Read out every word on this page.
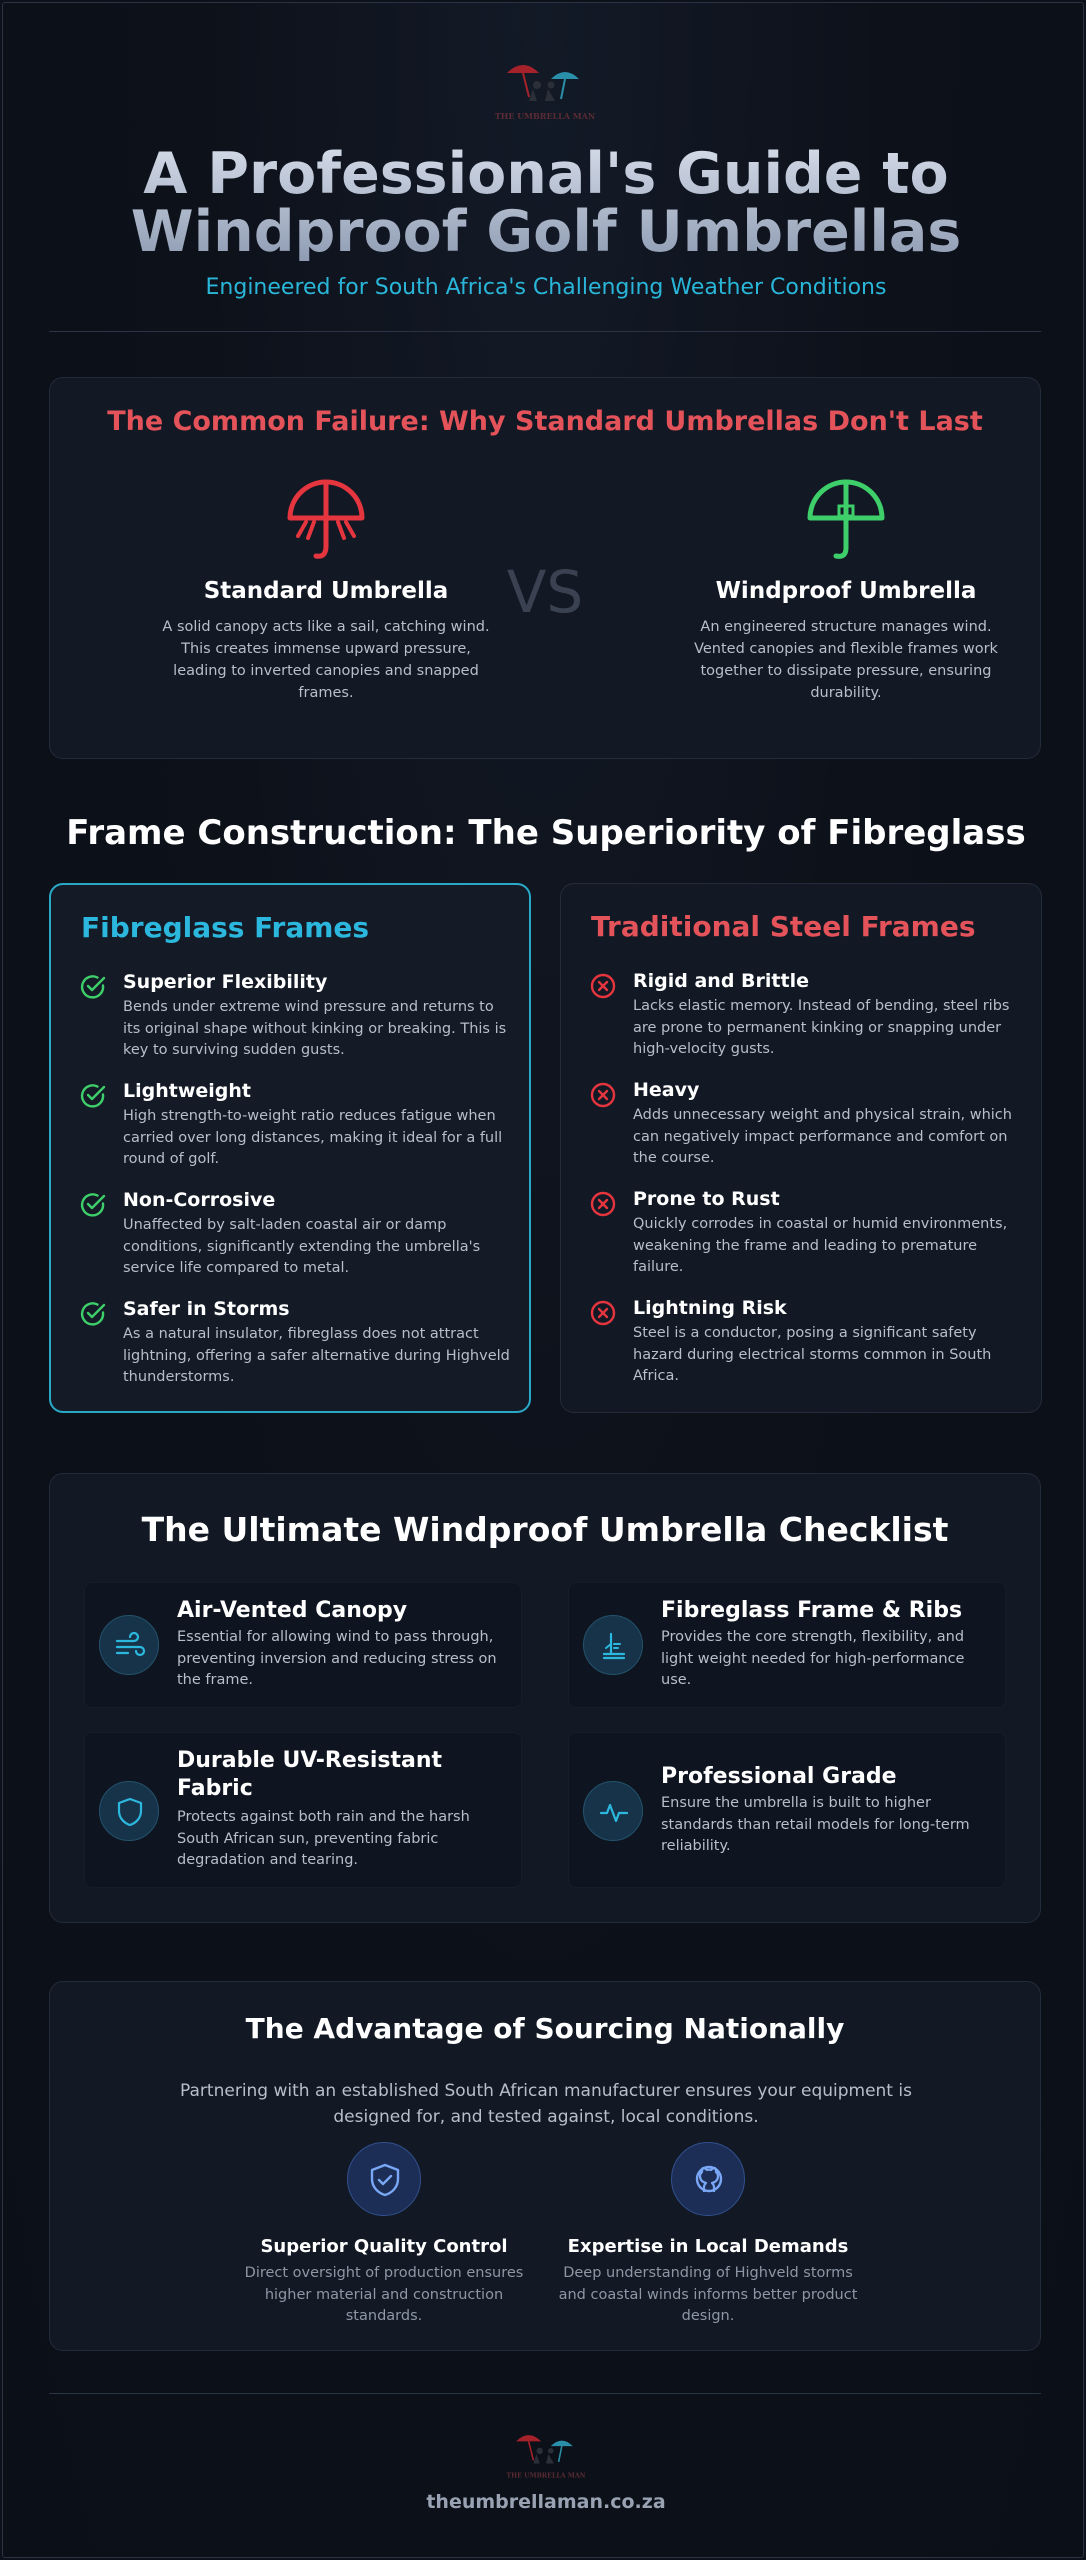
THE UMBRELLA MAN
A Professional's Guide to
Windproof Golf Umbrellas
Engineered for South Africa's Challenging Weather Conditions
The Common Failure: Why Standard Umbrellas Don't Last
Standard Umbrella

A solid canopy acts like a sail, catching wind. This creates immense upward pressure, leading to inverted canopies and snapped frames.

VS	Windproof Umbrella

An engineered structure manages wind. Vented canopies and flexible frames work together to dissipate pressure, ensuring durability.

Frame Construction: The Superiority of Fibreglass
Fibreglass Frames
Superior Flexibility
Bends under extreme wind pressure and returns to its original shape without kinking or breaking. This is key to surviving sudden gusts.
Lightweight
High strength-to-weight ratio reduces fatigue when carried over long distances, making it ideal for a full round of golf.
Non-Corrosive
Unaffected by salt-laden coastal air or damp conditions, significantly extending the umbrella's service life compared to metal.
Safer in Storms
As a natural insulator, fibreglass does not attract lightning, offering a safer alternative during Highveld thunderstorms.
Traditional Steel Frames
Rigid and Brittle
Lacks elastic memory. Instead of bending, steel ribs are prone to permanent kinking or snapping under high-velocity gusts.
Heavy
Adds unnecessary weight and physical strain, which can negatively impact performance and comfort on the course.
Prone to Rust
Quickly corrodes in coastal or humid environments, weakening the frame and leading to premature failure.
Lightning Risk
Steel is a conductor, posing a significant safety hazard during electrical storms common in South Africa.
The Ultimate Windproof Umbrella Checklist
Air-Vented Canopy
Essential for allowing wind to pass through, preventing inversion and reducing stress on the frame.
Fibreglass Frame & Ribs
Provides the core strength, flexibility, and light weight needed for high-performance use.
Durable UV-Resistant Fabric
Protects against both rain and the harsh South African sun, preventing fabric degradation and tearing.
Professional Grade
Ensure the umbrella is built to higher standards than retail models for long-term reliability.
The Advantage of Sourcing Nationally
Partnering with an established South African manufacturer ensures your equipment is designed for, and tested against, local conditions.
Superior Quality Control

Direct oversight of production ensures higher material and construction standards.

Expertise in Local Demands

Deep understanding of Highveld storms and coastal winds informs better product design.

THE UMBRELLA MAN
theumbrellaman.co.za
